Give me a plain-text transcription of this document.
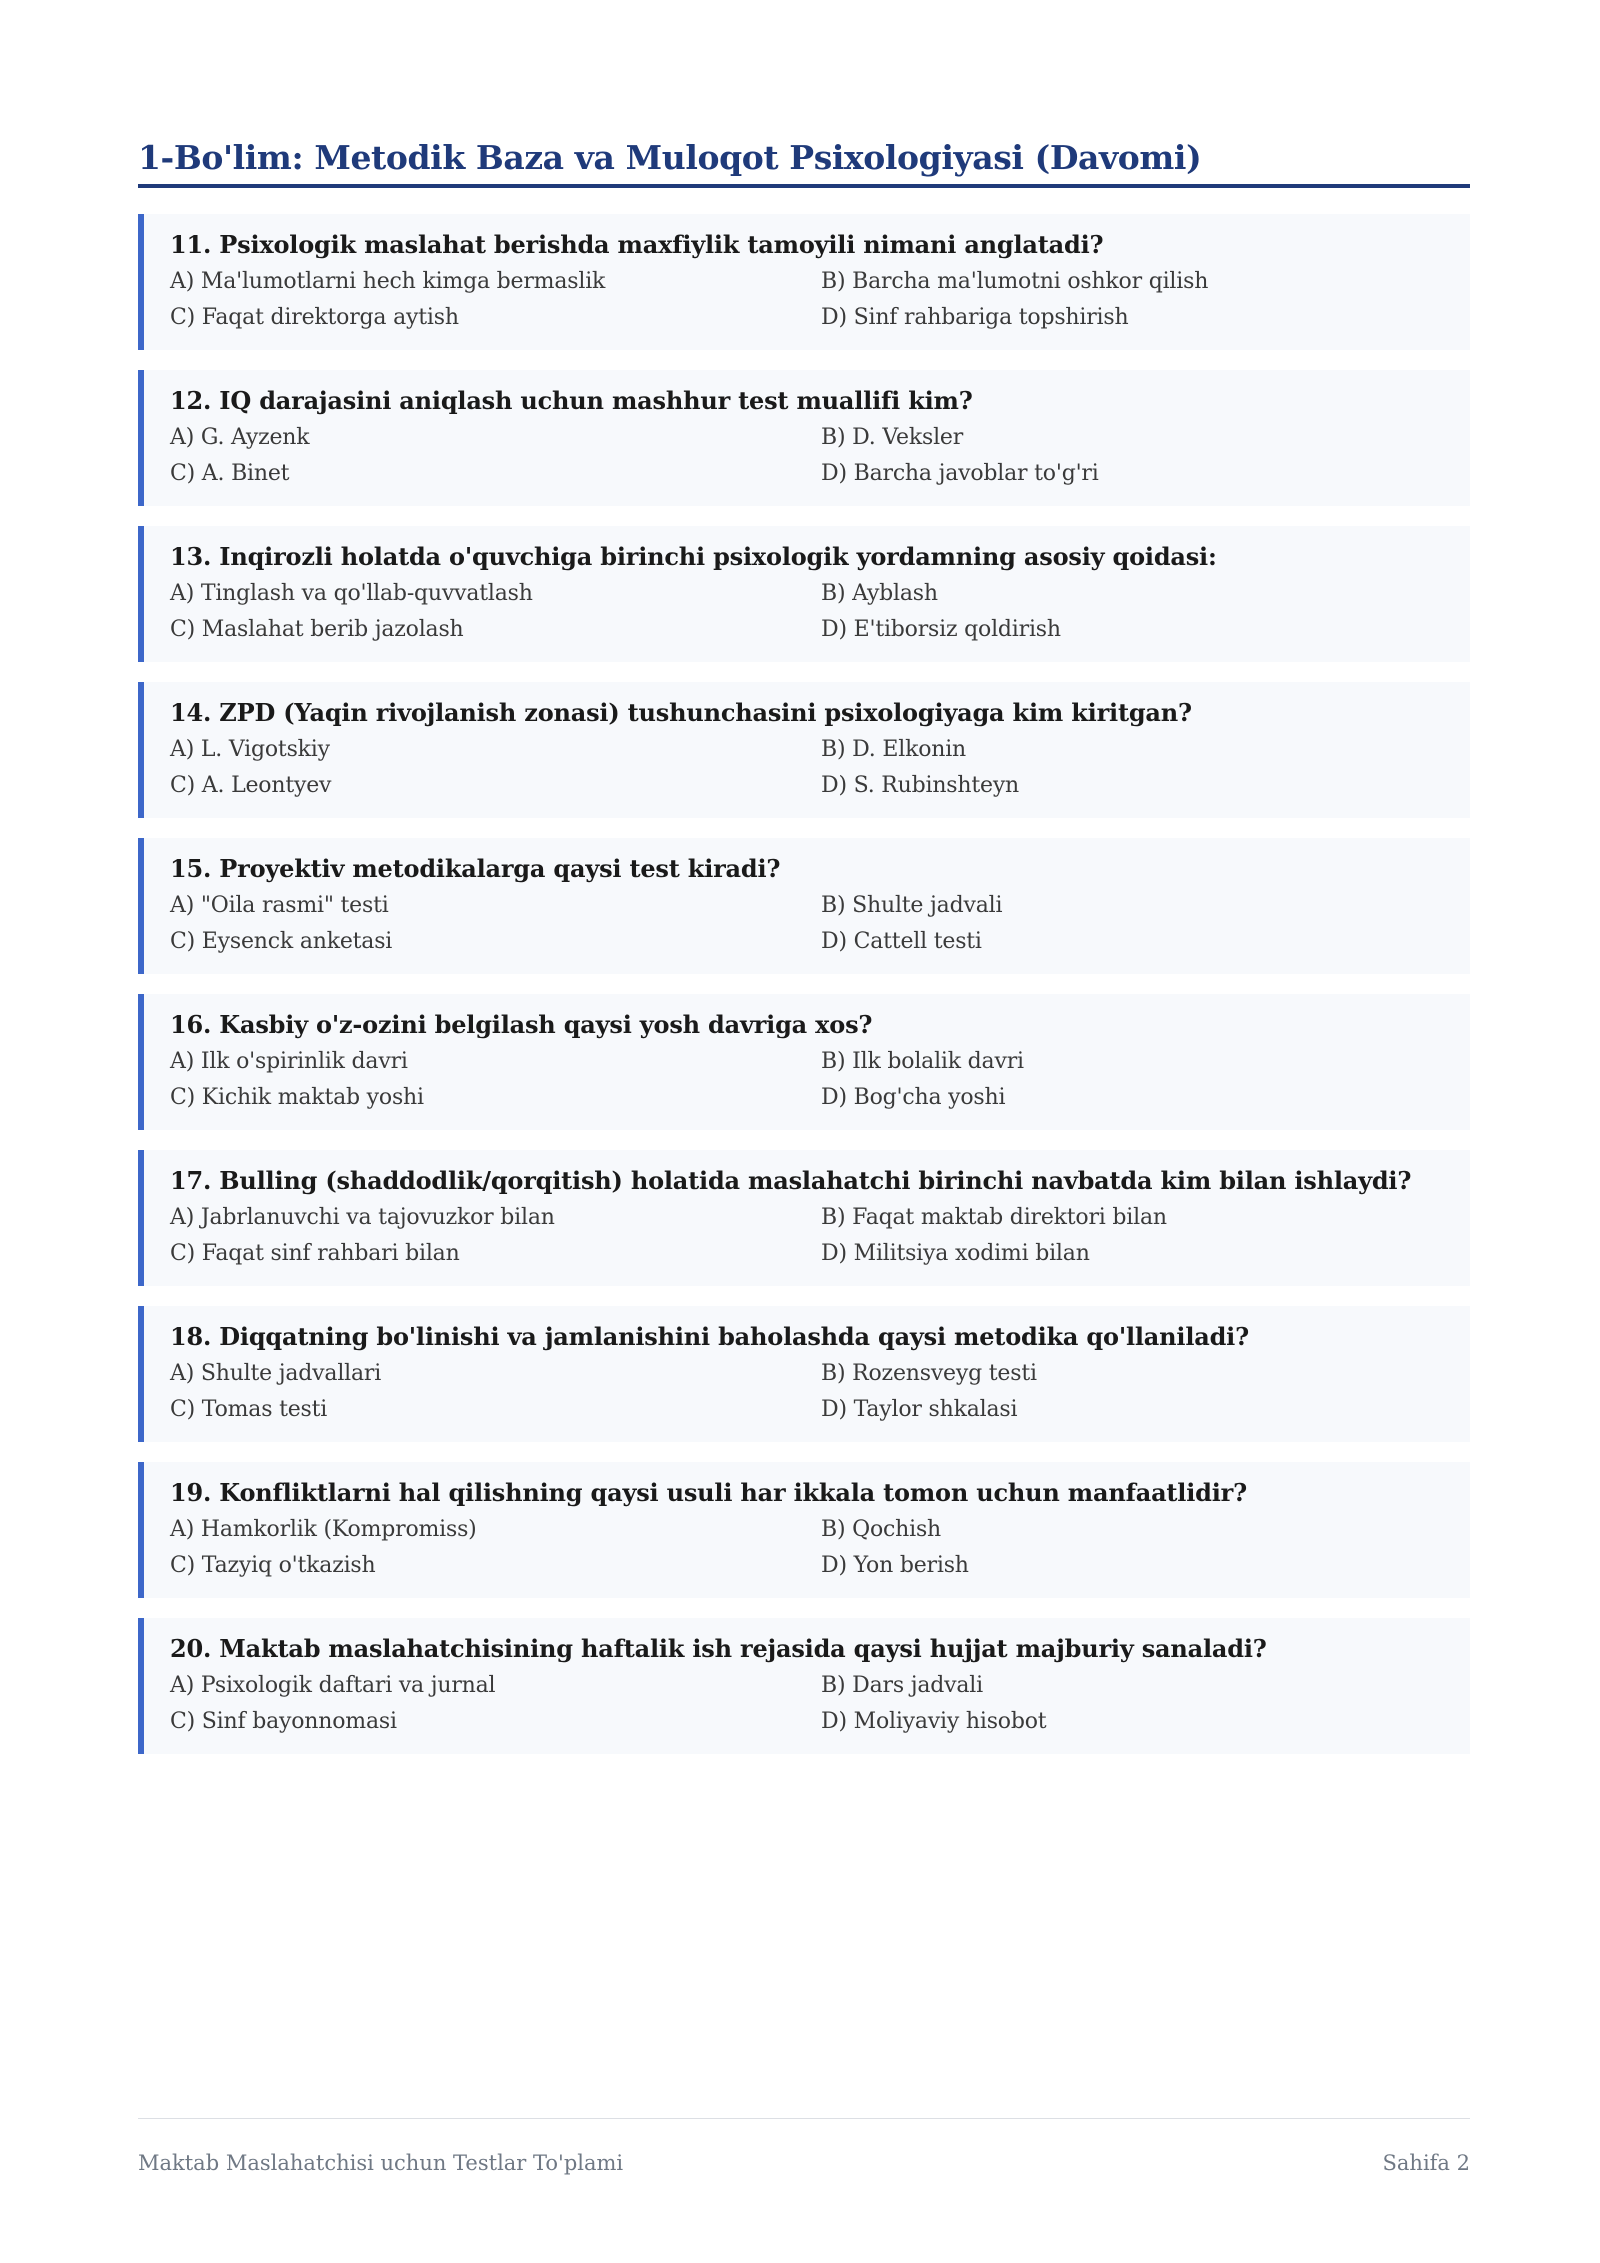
1-Bo'lim: Metodik Baza va Muloqot Psixologiyasi (Davomi)
11. Psixologik maslahat berishda maxfiylik tamoyili nimani anglatadi?
A) Ma'lumotlarni hech kimga bermaslik	B) Barcha ma'lumotni oshkor qilish
C) Faqat direktorga aytish	D) Sinf rahbariga topshirish
12. IQ darajasini aniqlash uchun mashhur test muallifi kim?
A) G. Ayzenk	B) D. Veksler
C) A. Binet	D) Barcha javoblar to'g'ri
13. Inqirozli holatda o'quvchiga birinchi psixologik yordamning asosiy qoidasi:
A) Tinglash va qo'llab-quvvatlash	B) Ayblash
C) Maslahat berib jazolash	D) E'tiborsiz qoldirish
14. ZPD (Yaqin rivojlanish zonasi) tushunchasini psixologiyaga kim kiritgan?
A) L. Vigotskiy	B) D. Elkonin
C) A. Leontyev	D) S. Rubinshteyn
15. Proyektiv metodikalarga qaysi test kiradi?
A) "Oila rasmi" testi	B) Shulte jadvali
C) Eysenck anketasi	D) Cattell testi
16. Kasbiy o'z-ozini belgilash qaysi yosh davriga xos?
A) Ilk o'spirinlik davri	B) Ilk bolalik davri
C) Kichik maktab yoshi	D) Bog'cha yoshi
17. Bulling (shaddodlik/qorqitish) holatida maslahatchi birinchi navbatda kim bilan ishlaydi?
A) Jabrlanuvchi va tajovuzkor bilan	B) Faqat maktab direktori bilan
C) Faqat sinf rahbari bilan	D) Militsiya xodimi bilan
18. Diqqatning bo'linishi va jamlanishini baholashda qaysi metodika qo'llaniladi?
A) Shulte jadvallari	B) Rozensveyg testi
C) Tomas testi	D) Taylor shkalasi
19. Konfliktlarni hal qilishning qaysi usuli har ikkala tomon uchun manfaatlidir?
A) Hamkorlik (Kompromiss)	B) Qochish
C) Tazyiq o'tkazish	D) Yon berish
20. Maktab maslahatchisining haftalik ish rejasida qaysi hujjat majburiy sanaladi?
A) Psixologik daftari va jurnal	B) Dars jadvali
C) Sinf bayonnomasi	D) Moliyaviy hisobot
Maktab Maslahatchisi uchun Testlar To'plami	Sahifa 2
